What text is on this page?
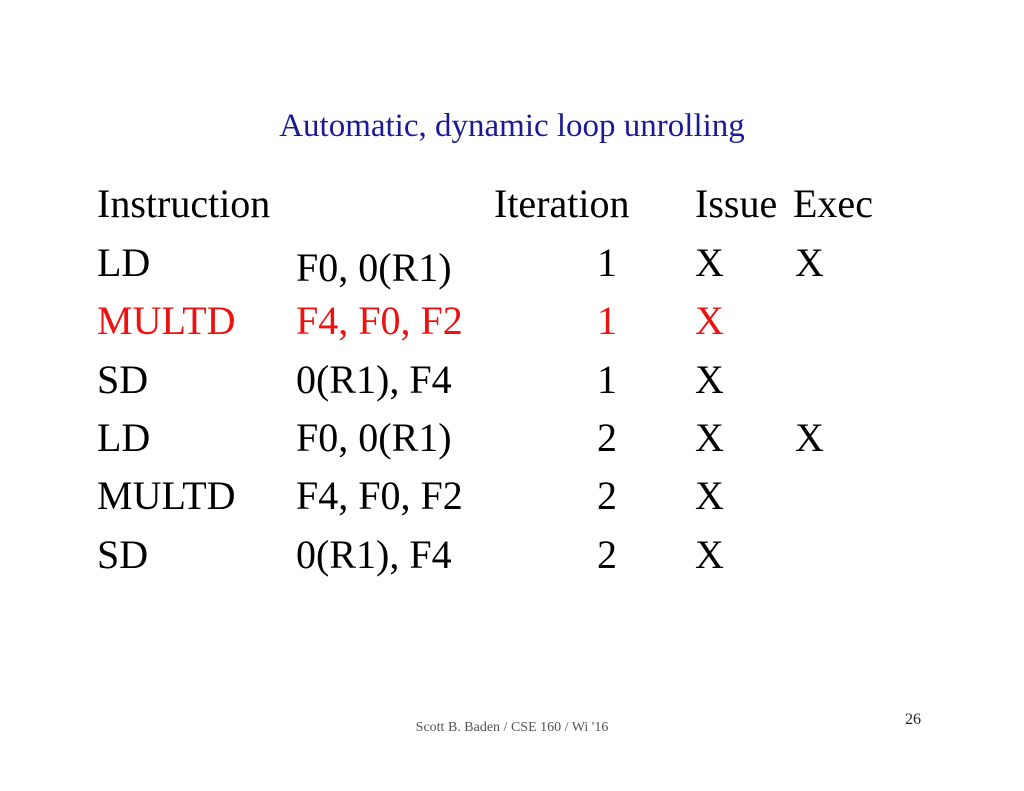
Automatic, dynamic loop unrolling
Instruction	Iteration Issue Exec
LD	F0, 0(R1)	1 X X
MULTD F4, F0, F2	1 X
SD	0(R1), F4	1 X
LD	F0, 0(R1)	2 X X
MULTD F4, F0, F2	2 X
SD	0(R1), F4	2 X
Scott B. Baden / CSE 160 / Wi '16	26
